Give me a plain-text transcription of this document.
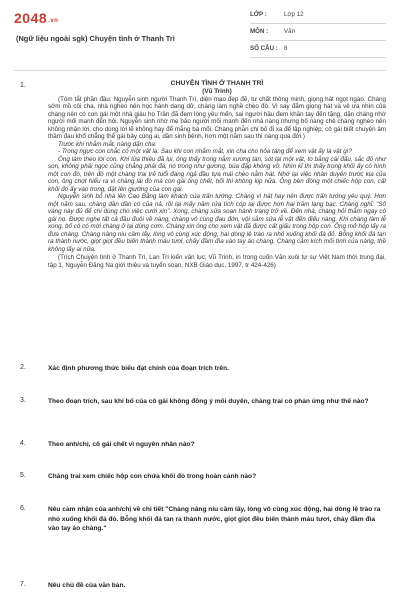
2048.vn
(Ngữ liệu ngoài sgk) Chuyện tình ở Thanh Trì
LỚP :	Lớp 12
MÔN :	Văn
SỐ CÂU :	8
1.	CHUYỆN TÌNH Ở THANH TRÌ
(Vũ Trinh)
(Tóm tắt phần đầu: Nguyễn sinh người Thanh Trì, diện mạo đẹp đẽ, tư chất thông minh, giọng hát ngọt ngào. Chàng sớm mồ côi cha, nhà nghèo nên học hành dang dở, chàng làm nghề chèo đò. Vì say đắm giọng hát và vẻ ưa nhìn của chàng nên có con gái một nhà giàu họ Trần đã đem lòng yêu mến, sai người hầu đem khăn tay đến tặng, dặn chàng nhờ người mối manh đến hỏi. Nguyễn sinh nhờ mẹ bảo người mối manh đến nhà nàng nhưng bố nàng chê chàng nghèo nên không nhận lời, cho dùng lời lẽ không hay để mắng bà mối. Chàng phẫn chí bỏ đi xa để lập nghiệp; cô gái biết chuyện âm thầm đau khổ chẳng thể gái bảy cùng ai, dần sinh bệnh, hơn một năm sau thì nàng qua đời.)
Trước khi nhắm mắt, nàng dặn cha:
- Trong ngực con chắc có một vật lạ. Sau khi con nhắm mắt, xin cha cho hỏa táng để xem vật ấy là vật gì?
Ông làm theo lời con. Khi lửa thiêu đã lụi, ông thấy trong nắm xương tàn, sót lại một vật, to bằng cái đấu, sắc đỏ như son, không phải ngọc cũng chẳng phải đá, nó trong như gương, bùa đặp không vỡ. Nhìn kĩ thì thấy trong khối ấy có hình một con đò, trên đò một chàng trai trẻ tuổi đang ngả đầu tựa mái chèo nằm hát. Nhớ lại việc nhân duyên trước kia của con, ông chợt hiểu ra vì chàng lái đò mà con gái ông chết, hối thì không kịp nữa. Ông bèn đóng một chiếc hộp con, cất khối đó ấy vào trong, đặt lên giường của con gái.
Nguyễn sinh bỏ nhà lên Cao Bằng làm khách của trấn tướng. Chàng vì hát hay nên được trấn tướng yêu quý. Hơn một năm sau, chàng dần dần có của nả, rồi lại mấy năm rửa tích cóp lại được hơn hai trăm lạng bạc. Chàng nghĩ: "Số vàng này đủ để chi dùng cho việc cưới xin". Xong, chàng sửa soạn hành trang trở về. Đến nhà, chàng hỏi thăm ngay cô gái nọ. Được nghe tất cả đầu đuôi về nàng, chàng vô cùng đau đớn, vội sắm sửa lễ vật đến điếu nàng. Khi chàng làm lễ xong, bố cô có mời chàng ở lại dùng cơm. Chàng xin ông cho xem vật đã được cất giấu trong hộp con. Ông mở hộp lấy ra đưa chàng. Chàng nâng niu cầm lấy, lòng vô cùng xúc động, hai dòng lệ trào ra nhỏ xuống khối đá đỏ. Bỗng khối đá tan ra thành nước, giọt giọt đều biến thành máu tươi, chảy đầm đìa vào tay áo chàng. Chàng cảm kích mối tình của nàng, thề không lấy ai nữa.
(Trích Chuyện tình ở Thanh Trì, Lan Trì kiến văn lục; Vũ Trinh, in trong cuốn Văn xuôi tự sự Việt Nam thời trung đại, tập 1, Nguyễn Đăng Na giới thiệu và tuyển soạn, NXB Giáo dục, 1997, tr 424-426)
2.	Xác định phương thức biểu đạt chính của đoạn trích trên.
3.	Theo đoạn trích, sau khi bố của cô gái không đồng ý mối duyên, chàng trai có phản ứng như thế nào?
4.	Theo anh/chị, cô gái chết vì nguyên nhân nào?
5.	Chàng trai xem chiếc hộp con chứa khối đỏ trong hoàn cảnh nào?
6.	Nêu cảm nhận của anh/chị về chi tiết "Chàng nâng niu cầm lấy, lòng vô cùng xúc động, hai dòng lệ trào ra nhỏ xuống khối đá đỏ. Bỗng khối đá tan ra thành nước, giọt giọt đều biến thành máu tươi, chảy đầm đìa vào tay áo chàng."
7.	Nêu chủ đề của văn bản.
